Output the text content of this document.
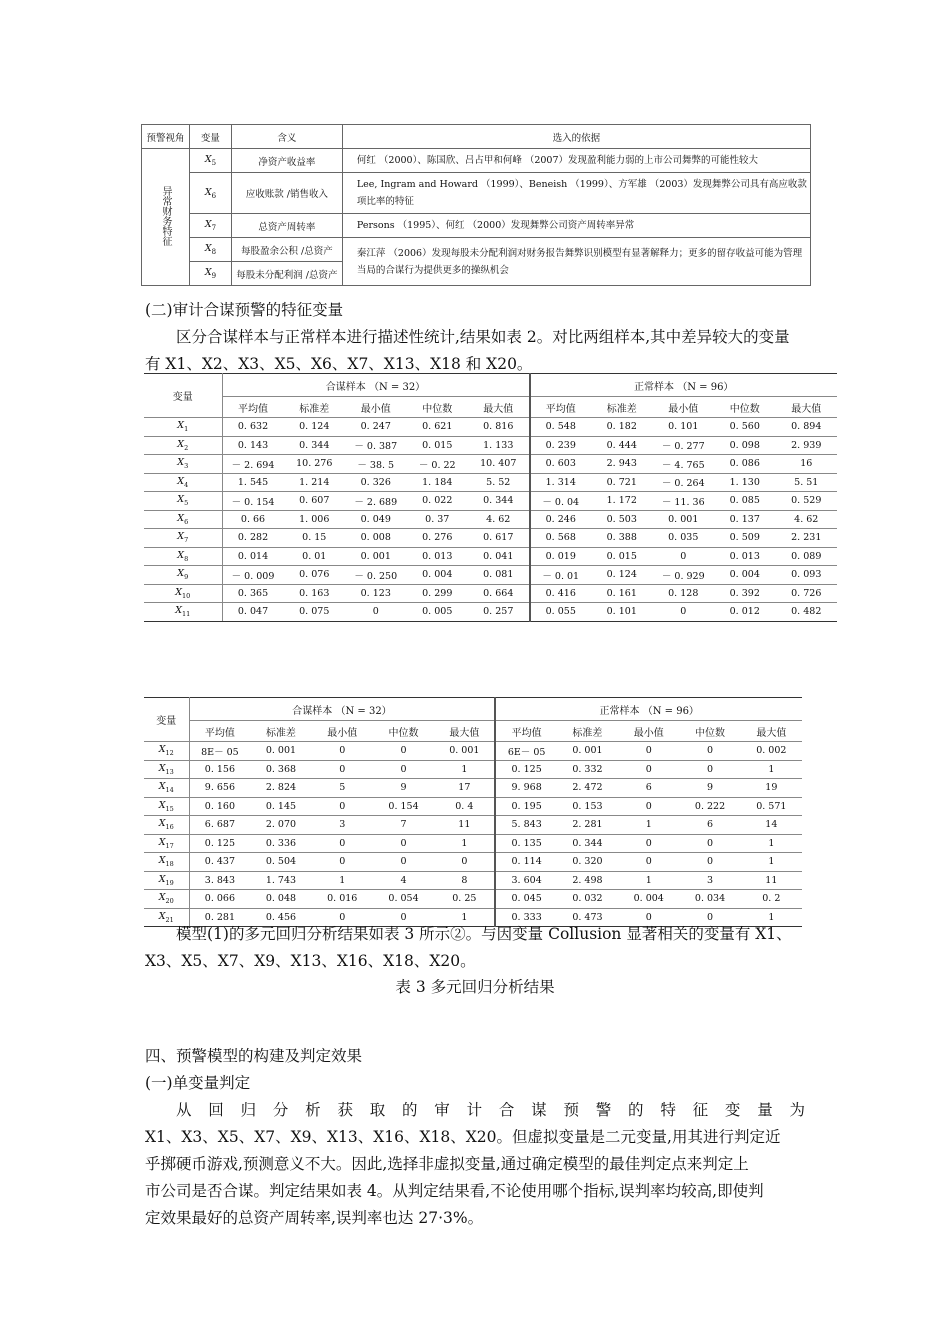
预警视角	变量	含义	选入的依据
异常财务特征	$X_5$	净资产收益率	何红 （2000）、陈国欣、吕占甲和何峰 （2007）发现盈利能力弱的上市公司舞弊的可能性较大
	$X_6$	应收账款 /销售收入	Lee, Ingram and Howard （1999）、Beneish （1999）、方军雄 （2003）发现舞弊公司具有高应收款项比率的特征
	$X_7$	总资产周转率	Persons （1995）、何红 （2000）发现舞弊公司资产周转率异常
	$X_8$	每股盈余公积 /总资产	秦江萍 （2006）发现每股未分配利润对财务报告舞弊识别模型有显著解释力；更多的留存收益可能为管理当局的合谋行为提供更多的操纵机会
	$X_9$	每股未分配利润 /总资产	
(二)审计合谋预警的特征变量
区分合谋样本与正常样本进行描述性统计,结果如表 2。对比两组样本,其中差异较大的变量有 X1、X2、X3、X5、X6、X7、X13、X18 和 X20。
变量	合谋样本 （N = 32）					正常样本 （N = 96）				
	平均值	标准差	最小值	中位数	最大值	平均值	标准差	最小值	中位数	最大值
$X_1$	0. 632	0. 124	0. 247	0. 621	0. 816	0. 548	0. 182	0. 101	0. 560	0. 894
$X_2$	0. 143	0. 344	－ 0. 387	0. 015	1. 133	0. 239	0. 444	－ 0. 277	0. 098	2. 939
$X_3$	－ 2. 694	10. 276	－ 38. 5	－ 0. 22	10. 407	0. 603	2. 943	－ 4. 765	0. 086	16
$X_4$	1. 545	1. 214	0. 326	1. 184	5. 52	1. 314	0. 721	－ 0. 264	1. 130	5. 51
$X_5$	－ 0. 154	0. 607	－ 2. 689	0. 022	0. 344	－ 0. 04	1. 172	－ 11. 36	0. 085	0. 529
$X_6$	0. 66	1. 006	0. 049	0. 37	4. 62	0. 246	0. 503	0. 001	0. 137	4. 62
$X_7$	0. 282	0. 15	0. 008	0. 276	0. 617	0. 568	0. 388	0. 035	0. 509	2. 231
$X_8$	0. 014	0. 01	0. 001	0. 013	0. 041	0. 019	0. 015	0	0. 013	0. 089
$X_9$	－ 0. 009	0. 076	－ 0. 250	0. 004	0. 081	－ 0. 01	0. 124	－ 0. 929	0. 004	0. 093
$X_{10}$	0. 365	0. 163	0. 123	0. 299	0. 664	0. 416	0. 161	0. 128	0. 392	0. 726
$X_{11}$	0. 047	0. 075	0	0. 005	0. 257	0. 055	0. 101	0	0. 012	0. 482
变量	合谋样本 （N = 32）					正常样本 （N = 96）				
	平均值	标准差	最小值	中位数	最大值	平均值	标准差	最小值	中位数	最大值
$X_{12}$	8E－ 05	0. 001	0	0	0. 001	6E－ 05	0. 001	0	0	0. 002
$X_{13}$	0. 156	0. 368	0	0	1	0. 125	0. 332	0	0	1
$X_{14}$	9. 656	2. 824	5	9	17	9. 968	2. 472	6	9	19
$X_{15}$	0. 160	0. 145	0	0. 154	0. 4	0. 195	0. 153	0	0. 222	0. 571
$X_{16}$	6. 687	2. 070	3	7	11	5. 843	2. 281	1	6	14
$X_{17}$	0. 125	0. 336	0	0	1	0. 135	0. 344	0	0	1
$X_{18}$	0. 437	0. 504	0	0	0	0. 114	0. 320	0	0	1
$X_{19}$	3. 843	1. 743	1	4	8	3. 604	2. 498	1	3	11
$X_{20}$	0. 066	0. 048	0. 016	0. 054	0. 25	0. 045	0. 032	0. 004	0. 034	0. 2
$X_{21}$	0. 281	0. 456	0	0	1	0. 333	0. 473	0	0	1
模型(1)的多元回归分析结果如表 3 所示②。与因变量 Collusion 显著相关的变量有 X1、X3、X5、X7、X9、X13、X16、X18、X20。
表 3 多元回归分析结果
四、预警模型的构建及判定效果
(一)单变量判定
从回归分析获取的审计合谋预警的特征变量为
X1、X3、X5、X7、X9、X13、X16、X18、X20。但虚拟变量是二元变量,用其进行判定近
乎掷硬币游戏,预测意义不大。因此,选择非虚拟变量,通过确定模型的最佳判定点来判定上
市公司是否合谋。判定结果如表 4。从判定结果看,不论使用哪个指标,误判率均较高,即使判
定效果最好的总资产周转率,误判率也达 27·3%。
